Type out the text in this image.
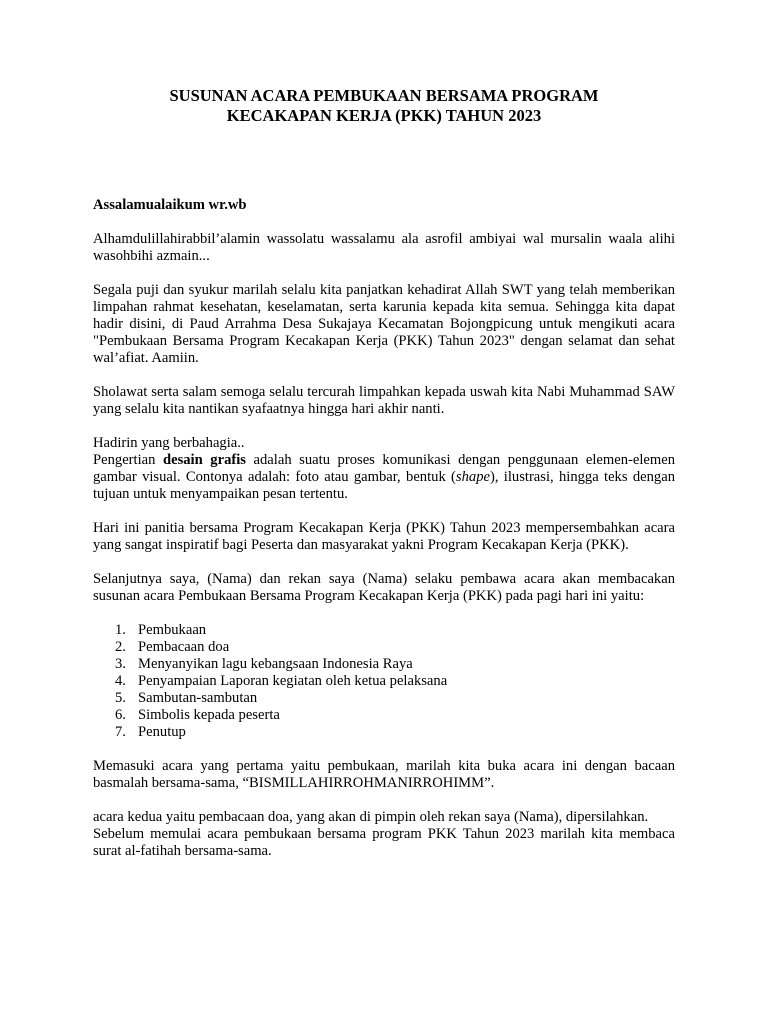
SUSUNAN ACARA PEMBUKAAN BERSAMA PROGRAM
KECAKAPAN KERJA (PKK) TAHUN 2023

Assalamualaikum wr.wb

Alhamdulillahirabbil’alamin wassolatu wassalamu ala asrofil ambiyai wal mursalin waala alihi wasohbihi azmain...

Segala puji dan syukur marilah selalu kita panjatkan kehadirat Allah SWT yang telah memberikan limpahan rahmat kesehatan, keselamatan, serta karunia kepada kita semua. Sehingga kita dapat hadir disini, di Paud Arrahma Desa Sukajaya Kecamatan Bojongpicung untuk mengikuti acara "Pembukaan Bersama Program Kecakapan Kerja (PKK) Tahun 2023" dengan selamat dan sehat wal’afiat. Aamiin.

Sholawat serta salam semoga selalu tercurah limpahkan kepada uswah kita Nabi Muhammad SAW yang selalu kita nantikan syafaatnya hingga hari akhir nanti.

Hadirin yang berbahagia..

Pengertian desain grafis adalah suatu proses komunikasi dengan penggunaan elemen-elemen gambar visual. Contonya adalah: foto atau gambar, bentuk (shape), ilustrasi, hingga teks dengan tujuan untuk menyampaikan pesan tertentu.

Hari ini panitia bersama Program Kecakapan Kerja (PKK) Tahun 2023 mempersembahkan acara yang sangat inspiratif bagi Peserta dan masyarakat yakni Program Kecakapan Kerja (PKK).

Selanjutnya saya, (Nama) dan rekan saya (Nama) selaku pembawa acara akan membacakan susunan acara Pembukaan Bersama Program Kecakapan Kerja (PKK) pada pagi hari ini yaitu:

1. Pembukaan
2. Pembacaan doa
3. Menyanyikan lagu kebangsaan Indonesia Raya
4. Penyampaian Laporan kegiatan oleh ketua pelaksana
5. Sambutan-sambutan
6. Simbolis kepada peserta
7. Penutup

Memasuki acara yang pertama yaitu pembukaan, marilah kita buka acara ini dengan bacaan basmalah bersama-sama, “BISMILLAHIRROHMANIRROHIMM”.

acara kedua yaitu pembacaan doa, yang akan di pimpin oleh rekan saya (Nama), dipersilahkan.

Sebelum memulai acara pembukaan bersama program PKK Tahun 2023 marilah kita membaca surat al-fatihah bersama-sama.
